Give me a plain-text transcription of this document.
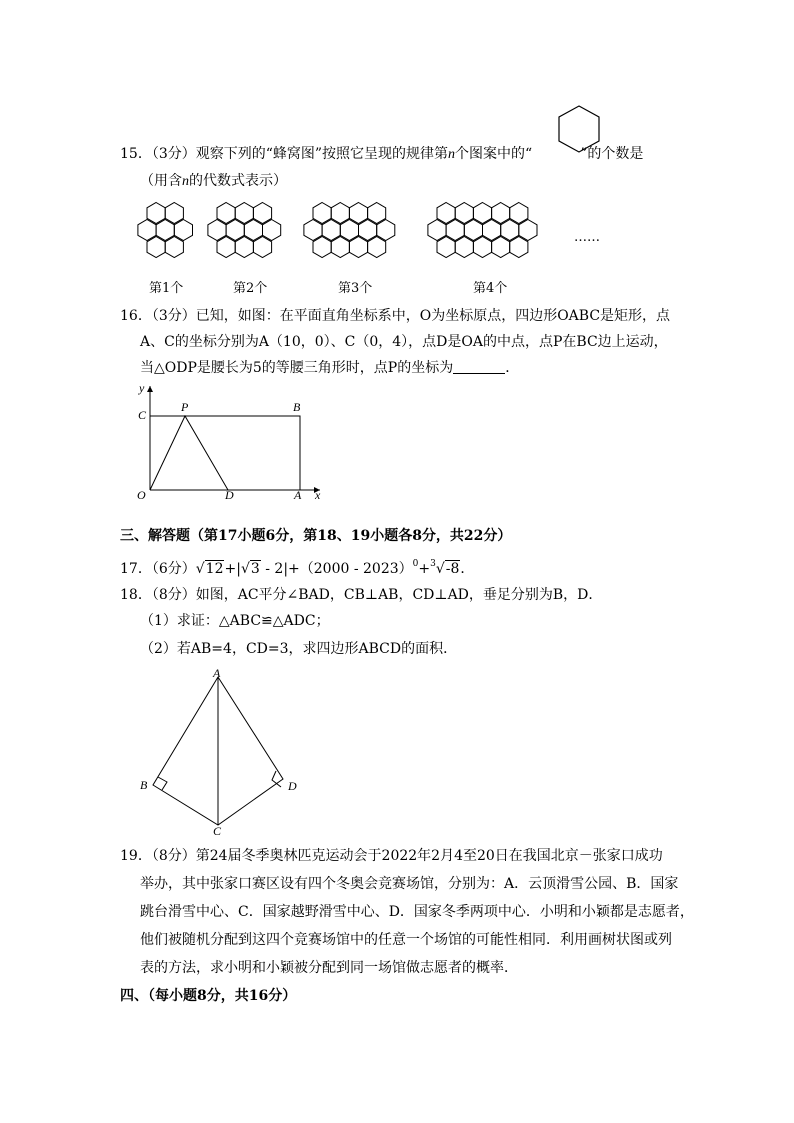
15．（3分）观察下列的“蜂窝图”按照它呈现的规律第n个图案中的“	”的个数是
（用含n的代数式表示）
第1个	第2个	第3个	第4个
……
16．（3分）已知，如图：在平面直角坐标系中，O为坐标原点，四边形OABC是矩形，点
A、C的坐标分别为A（10，0）、C（0，4），点D是OA的中点，点P在BC边上运动，
当△ODP是腰长为5的等腰三角形时，点P的坐标为	．
y
C
P	B
O	D	A x
三、解答题（第17小题6分，第18、19小题各8分，共22分）
17．（6分）√12+|√3 - 2|+（2000 - 2023）$^0$+$^3$√-8．
18．（8分）如图，AC平分∠BAD，CB⊥AB，CD⊥AD，垂足分别为B，D．
（1）求证：△ABC≌△ADC；
（2）若AB=4，CD=3，求四边形ABCD的面积．
A
B
C
D
19．（8分）第24届冬季奥林匹克运动会于2022年2月4至20日在我国北京－张家口成功
举办，其中张家口赛区设有四个冬奥会竞赛场馆，分别为：A．云顶滑雪公园、B．国家
跳台滑雪中心、C．国家越野滑雪中心、D．国家冬季两项中心．小明和小颖都是志愿者，
他们被随机分配到这四个竞赛场馆中的任意一个场馆的可能性相同．利用画树状图或列
表的方法，求小明和小颖被分配到同一场馆做志愿者的概率．
四、（每小题8分，共16分）
